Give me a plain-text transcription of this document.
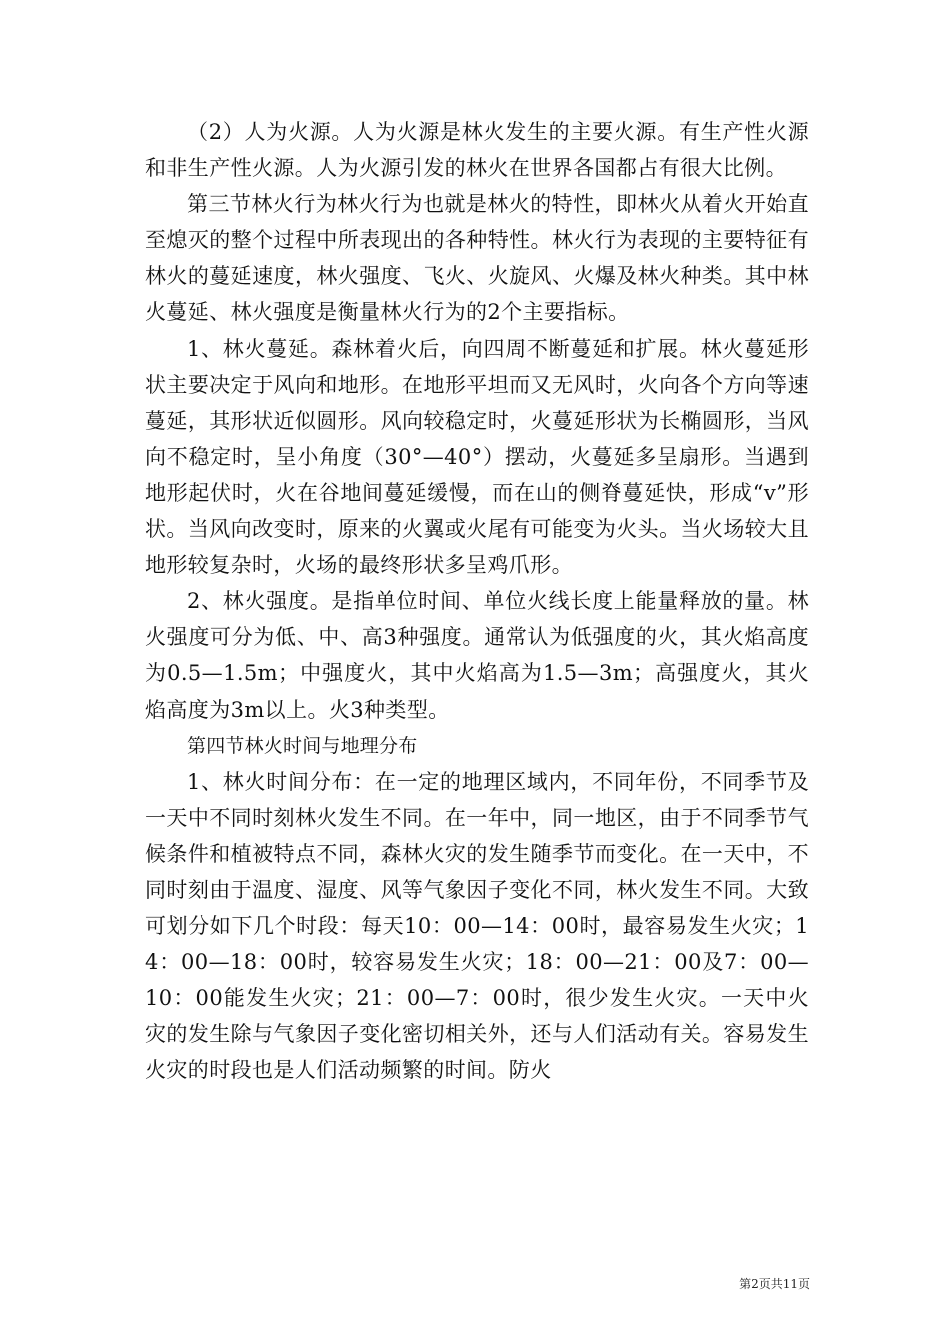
（2）人为火源。人为火源是林火发生的主要火源。有生产性火源和非生产性火源。人为火源引发的林火在世界各国都占有很大比例。

第三节林火行为林火行为也就是林火的特性，即林火从着火开始直至熄灭的整个过程中所表现出的各种特性。林火行为表现的主要特征有林火的蔓延速度，林火强度、飞火、火旋风、火爆及林火种类。其中林火蔓延、林火强度是衡量林火行为的2个主要指标。

1、林火蔓延。森林着火后，向四周不断蔓延和扩展。林火蔓延形状主要决定于风向和地形。在地形平坦而又无风时，火向各个方向等速蔓延，其形状近似圆形。风向较稳定时，火蔓延形状为长椭圆形，当风向不稳定时，呈小角度（30°—40°）摆动，火蔓延多呈扇形。当遇到地形起伏时，火在谷地间蔓延缓慢，而在山的侧脊蔓延快，形成“v”形状。当风向改变时，原来的火翼或火尾有可能变为火头。当火场较大且地形较复杂时，火场的最终形状多呈鸡爪形。

2、林火强度。是指单位时间、单位火线长度上能量释放的量。林火强度可分为低、中、高3种强度。通常认为低强度的火，其火焰高度为0.5—1.5m；中强度火，其中火焰高为1.5—3m；高强度火，其火焰高度为3m以上。火3种类型。

第四节林火时间与地理分布

1、林火时间分布：在一定的地理区域内，不同年份，不同季节及一天中不同时刻林火发生不同。在一年中，同一地区，由于不同季节气候条件和植被特点不同，森林火灾的发生随季节而变化。在一天中，不同时刻由于温度、湿度、风等气象因子变化不同，林火发生不同。大致可划分如下几个时段：每天10：00—14：00时，最容易发生火灾；14：00—18：00时，较容易发生火灾；18：00—21：00及7：00—10：00能发生火灾；21：00—7：00时，很少发生火灾。一天中火灾的发生除与气象因子变化密切相关外，还与人们活动有关。容易发生火灾的时段也是人们活动频繁的时间。防火

第2页共11页
